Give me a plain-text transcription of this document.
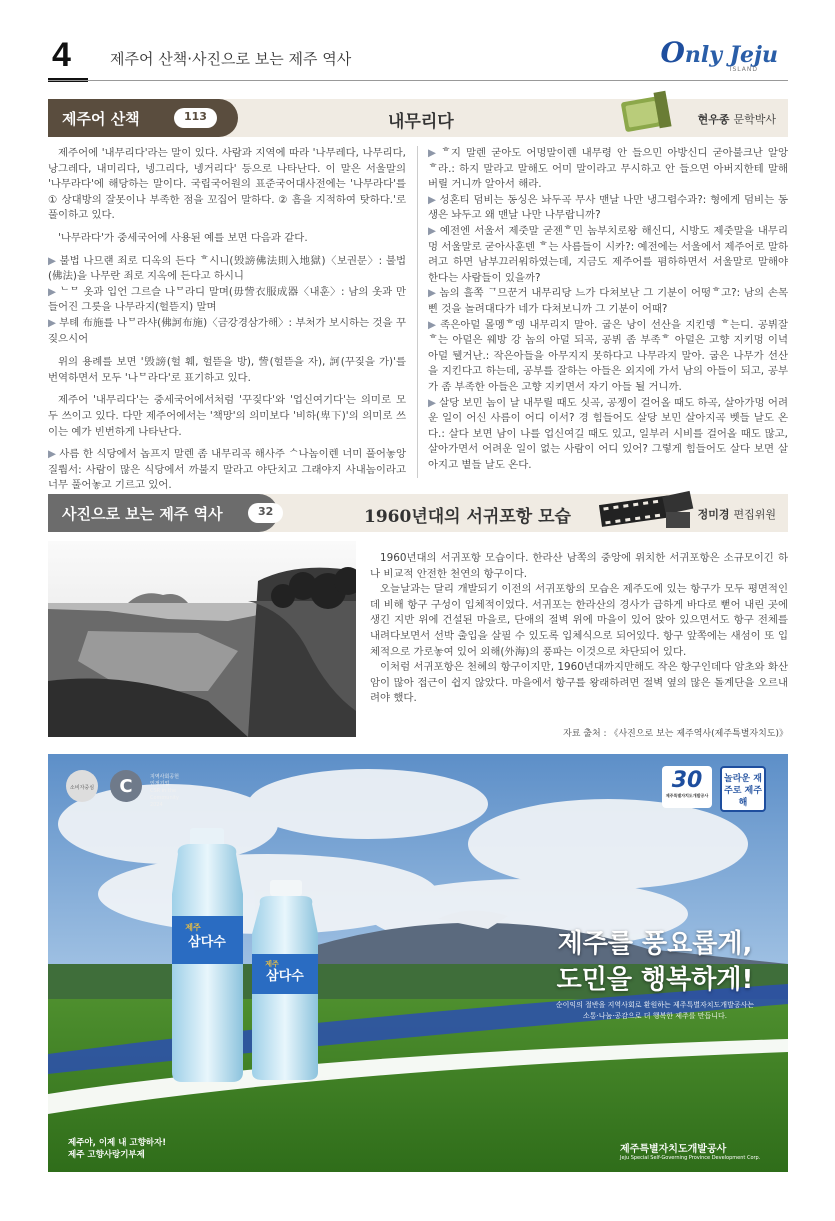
4	제주어 산책·사진으로 보는 제주 역사	Only Jeju
ISLAND
제주어 산책	113	내무리다	현우종 문학박사

제주어에 '내무리다'라는 말이 있다. 사람과 지역에 따라 '나무레다, 나무리다, 낭그레다, 내미리다, 넹그리다, 넹거리다' 등으로 나타난다. 이 말은 서울말의 '나무라다'에 해당하는 말이다. 국립국어원의 표준국어대사전에는 '나무라다'를 ① 상대방의 잘못이나 부족한 점을 꼬집어 말하다. ② 흠을 지적하여 탓하다.'로 풀이하고 있다.

'나무라다'가 중세국어에 사용된 예를 보면 다음과 같다.

▶ 불법 나므랜 죄로 디옥의 든다 ᄒ시니(毁謗佛法則入地獄)〈보권문〉: 불법(佛法)을 나무란 죄로 지옥에 든다고 하시니

▶ ᄂᄆ 옷과 입언 그르슬 나ᄆ라디 말며(毋訾衣服成器〈내훈〉: 남의 옷과 만들어진 그릇을 나무라지(헐뜯지) 말며

▶ 부톄 布施를 나ᄆ라샤(佛訶布施)〈금강경삼가해〉: 부처가 보시하는 것을 꾸짖으시어

위의 용례를 보면 '毁謗(헐 훼, 헐뜯을 방), 訾(헐뜯을 자), 訶(꾸짖을 가)'를 번역하면서 모두 '나ᄆ라다'로 표기하고 있다.

제주어 '내무리다'는 중세국어에서처럼 '꾸짖다'와 '업신여기다'는 의미로 모두 쓰이고 있다. 다만 제주어에서는 '책망'의 의미보다 '비하(卑下)'의 의미로 쓰이는 예가 빈번하게 나타난다.

▶ 사름 한 식당에서 놉프지 말렌 좀 내무리곡 해사주 ᄉ나놈이렌 너미 풀어놓앙 질뤔서: 사람이 많은 식당에서 까불지 말라고 야단치고 그래야지 사내놈이라고 너무 풀어놓고 기르고 있어.

▶ ᄒ지 말렌 굳아도 어멍말이렌 내무령 안 들으민 아방신디 굳아불크난 알앙 ᄒ라.: 하지 말라고 말해도 어미 말이라고 무시하고 안 들으면 아버지한테 말해버릴 거니까 알아서 해라.

▶ 성혼티 덤비는 동싱은 놔두곡 무사 맨날 나만 냉그렵수과?: 형에게 덤비는 동생은 놔두고 왜 맨날 나만 나무랍니까?

▶ 예전엔 서울서 제줏말 굳젠ᄒ민 놈부치로왕 해신디, 시방도 제줏말을 내무리멍 서울말로 굳아사훈덴 ᄒ는 사름들이 시카?: 예전에는 서울에서 제주어로 말하려고 하면 남부끄러워하였는데, 지금도 제주어를 폄하하면서 서울말로 말해야 한다는 사람들이 있을까?

▶ 놈의 흘쪽 ᄀ므꾼거 내무리당 느가 다쳐보난 그 기분이 어떵ᄒ고?: 남의 손목 삔 것을 놀려대다가 네가 다쳐보니까 그 기분이 어때?

▶ 족은아덜 몰멩ᄒ뎅 내무리지 말아. 굽은 낭이 선산을 지킨뎅 ᄒ는디. 공뷔잘ᄒ는 아덜은 웨방 강 놈의 아덜 되곡, 공뷔 좀 부족ᄒ 아덜은 고향 지키멍 이녁 아덜 뒐거난.: 작은아들을 아무지지 못하다고 나무라지 말아. 굽은 나무가 선산을 지킨다고 하는데, 공부를 잘하는 아들은 외지에 가서 남의 아들이 되고, 공부가 좀 부족한 아들은 고향 지키면서 자기 아들 될 거니까.

▶ 살당 보민 놈이 날 내무릴 때도 싯곡, 공젱이 걸어올 때도 하곡, 살아가멍 어려운 일이 어신 사름이 어디 이서? 경 힘들어도 살당 보민 살아지곡 벳들 날도 온다.: 살다 보면 남이 나를 업신여길 때도 있고, 일부러 시비를 걸어올 때도 많고, 살아가면서 어려운 일이 없는 사람이 어디 있어? 그렇게 힘들어도 살다 보면 살아지고 볕들 날도 온다.

사진으로 보는 제주 역사	32	1960년대의 서귀포항 모습	정미경 편집위원

1960년대의 서귀포항 모습이다. 한라산 남쪽의 중앙에 위치한 서귀포항은 소규모이긴 하나 비교적 안전한 천연의 항구이다.

오늘날과는 달리 개발되기 이전의 서귀포항의 모습은 제주도에 있는 항구가 모두 평면적인데 비해 항구 구성이 입체적이었다. 서귀포는 한라산의 경사가 급하게 바다로 뻗어 내린 곳에 생긴 지반 위에 건설된 마을로, 단애의 절벽 위에 마을이 있어 앉아 있으면서도 항구 전체를 내려다보면서 선박 출입을 살필 수 있도록 입체식으로 되어있다. 항구 앞쪽에는 새섬이 또 입체적으로 가로놓여 있어 외해(外海)의 풍파는 이것으로 차단되어 있다.

이처럼 서귀포항은 천혜의 항구이지만, 1960년대까지만해도 작은 항구인데다 암초와 화산암이 많아 접근이 쉽지 않았다. 마을에서 항구를 왕래하려면 절벽 옆의 많은 돌계단을 오르내려야 했다.

자료 출처 : 《사진으로 보는 제주역사(제주특별자치도)》
삼다수
제주
삼다수
제주
소비자중심 C	지역사회공헌
인정기업
CSR in the
Community
2024
30
제주특별자치도개발공사
놀라운 재주로 제주해
제주를 풍요롭게,
도민을 행복하게!
순이익의 절반을 지역사회로 환원하는 제주특별자치도개발공사는
소통·나눔·공감으로 더 행복한 제주를 만듭니다.
제주야, 이제 내 고향하자!
제주 고향사랑기부제	제주특별자치도개발공사
Jeju Special Self-Governing Province Development Corp.
